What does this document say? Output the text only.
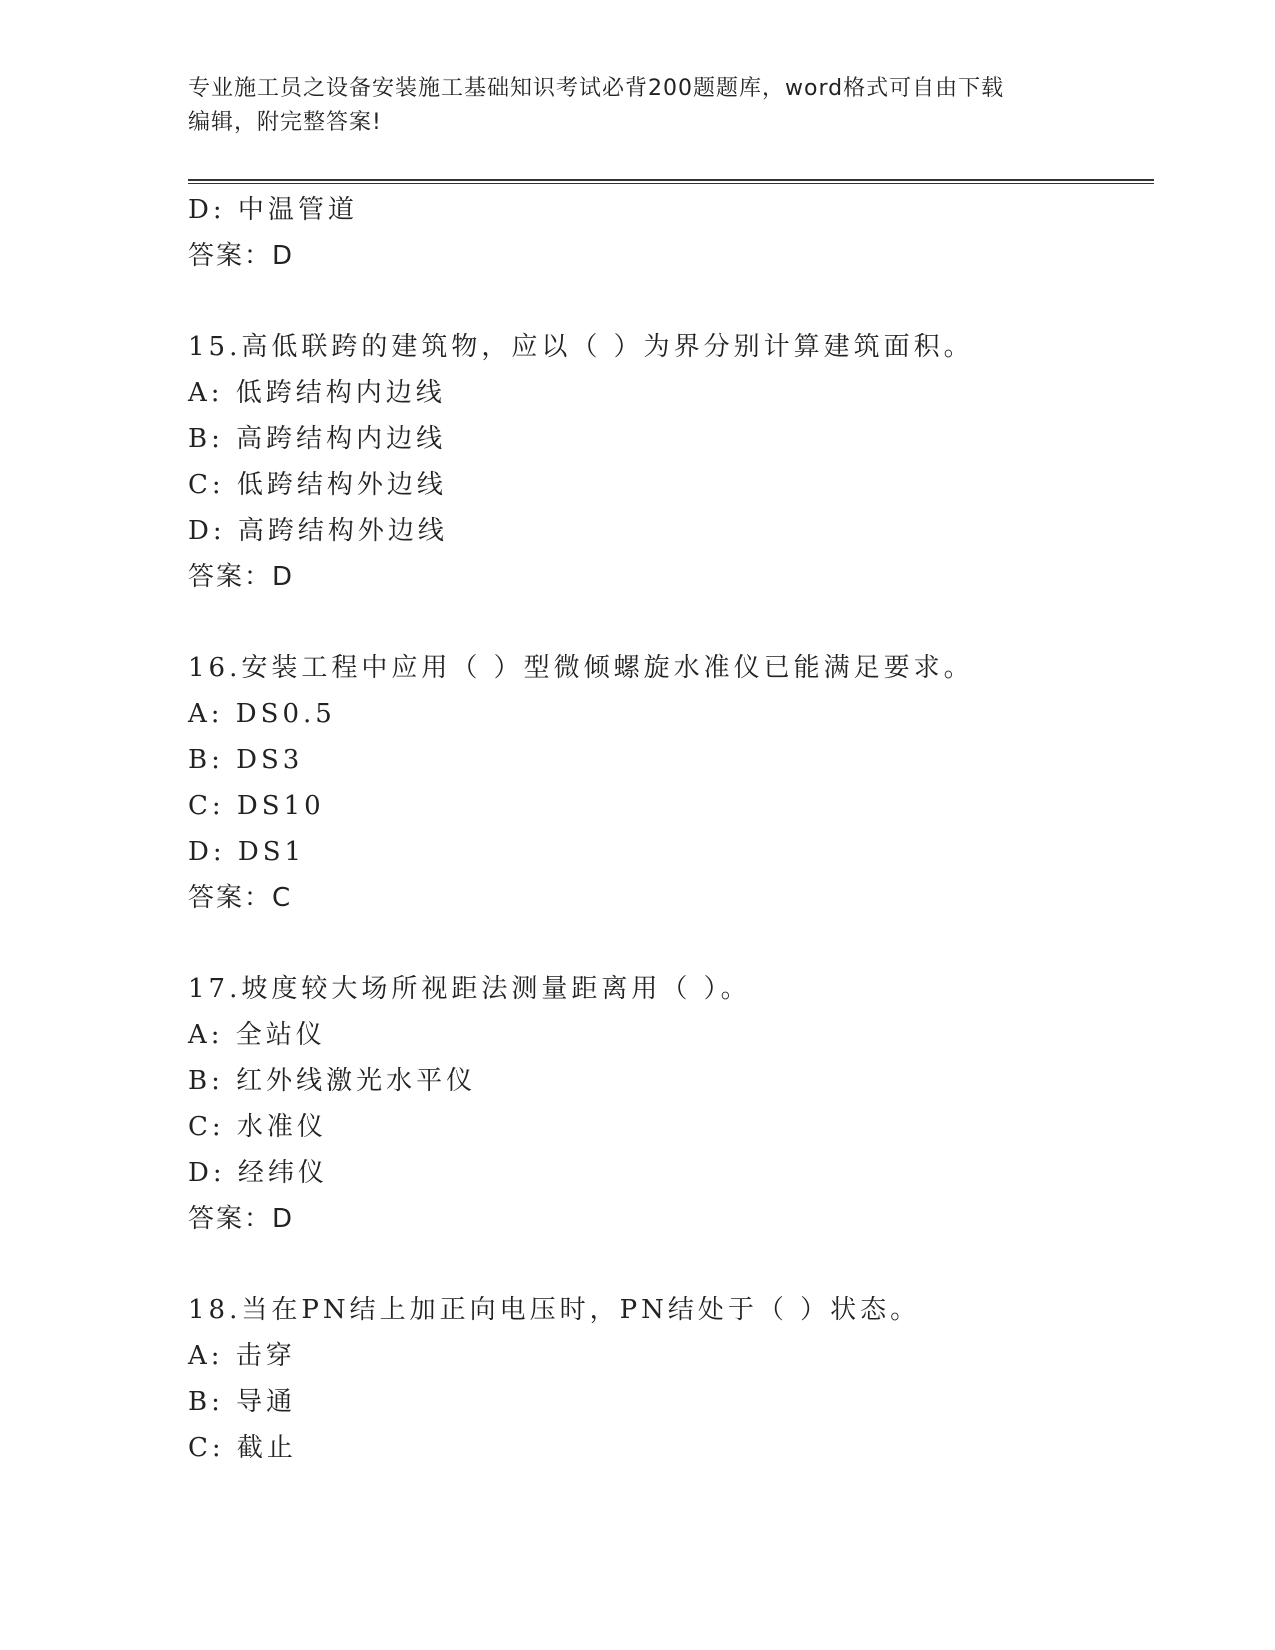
专业施工员之设备安装施工基础知识考试必背200题题库，word格式可自由下载
编辑，附完整答案!
D: 中温管道
答案：D
15.高低联跨的建筑物，应以（ ）为界分别计算建筑面积。
A: 低跨结构内边线
B: 高跨结构内边线
C: 低跨结构外边线
D: 高跨结构外边线
答案：D
16.安装工程中应用（ ）型微倾螺旋水准仪已能满足要求。
A: DS0.5
B: DS3
C: DS10
D: DS1
答案：C
17.坡度较大场所视距法测量距离用（ ）。
A: 全站仪
B: 红外线激光水平仪
C: 水准仪
D: 经纬仪
答案：D
18.当在PN结上加正向电压时，PN结处于（ ）状态。
A: 击穿
B: 导通
C: 截止
